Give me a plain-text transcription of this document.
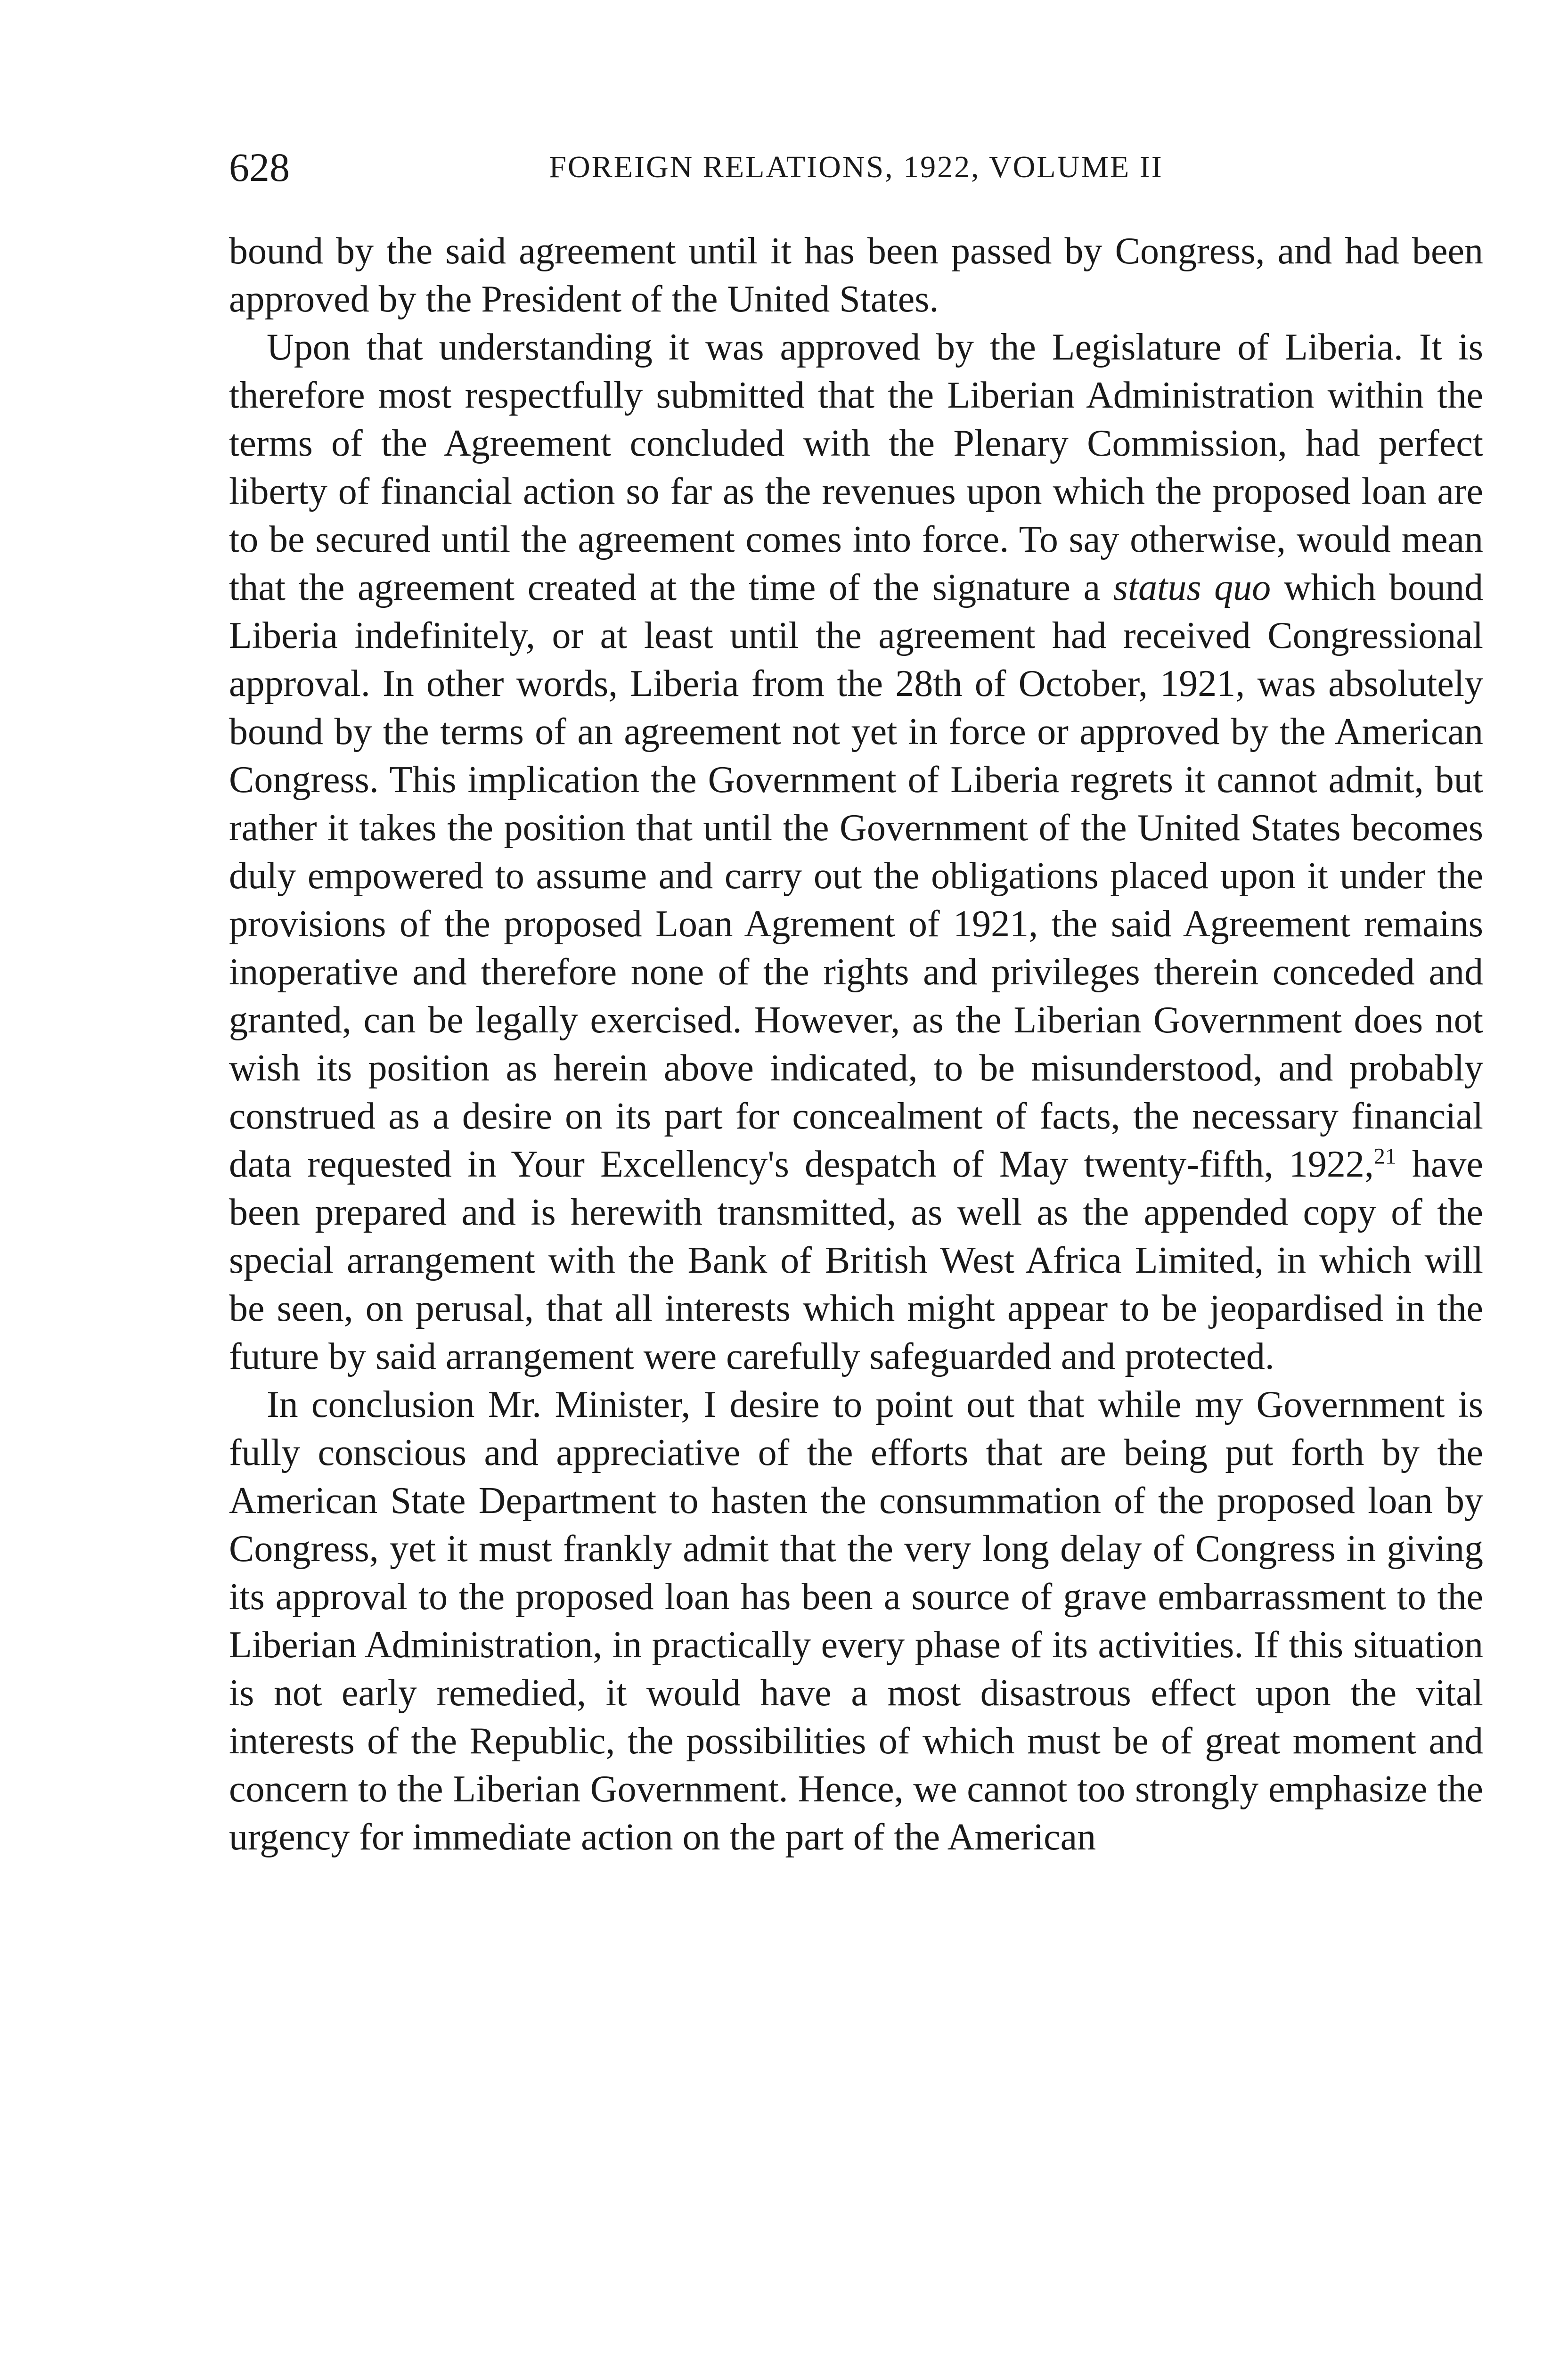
628	FOREIGN RELATIONS, 1922, VOLUME II

bound by the said agreement until it has been passed by Congress, and had been approved by the President of the United States.

Upon that understanding it was approved by the Legislature of Liberia. It is therefore most respectfully submitted that the Liberian Administration within the terms of the Agreement concluded with the Plenary Commission, had perfect liberty of financial action so far as the revenues upon which the proposed loan are to be secured until the agreement comes into force. To say otherwise, would mean that the agreement created at the time of the signature a status quo which bound Liberia indefinitely, or at least until the agreement had received Congressional approval. In other words, Liberia from the 28th of October, 1921, was absolutely bound by the terms of an agreement not yet in force or approved by the American Congress. This implication the Government of Liberia regrets it cannot admit, but rather it takes the position that until the Government of the United States becomes duly empowered to assume and carry out the obligations placed upon it under the provisions of the proposed Loan Agrement of 1921, the said Agreement remains inoperative and therefore none of the rights and privileges therein conceded and granted, can be legally exercised. However, as the Liberian Government does not wish its position as herein above indicated, to be misunderstood, and probably construed as a desire on its part for concealment of facts, the necessary financial data requested in Your Excellency's despatch of May twenty-fifth, 1922,21 have been prepared and is herewith transmitted, as well as the appended copy of the special arrangement with the Bank of British West Africa Limited, in which will be seen, on perusal, that all interests which might appear to be jeopardised in the future by said arrangement were carefully safeguarded and protected.

In conclusion Mr. Minister, I desire to point out that while my Government is fully conscious and appreciative of the efforts that are being put forth by the American State Department to hasten the consummation of the proposed loan by Congress, yet it must frankly admit that the very long delay of Congress in giving its approval to the proposed loan has been a source of grave embarrassment to the Liberian Administration, in practically every phase of its activities. If this situation is not early remedied, it would have a most disastrous effect upon the vital interests of the Republic, the possibilities of which must be of great moment and concern to the Liberian Government. Hence, we cannot too strongly emphasize the urgency for immediate action on the part of the American
